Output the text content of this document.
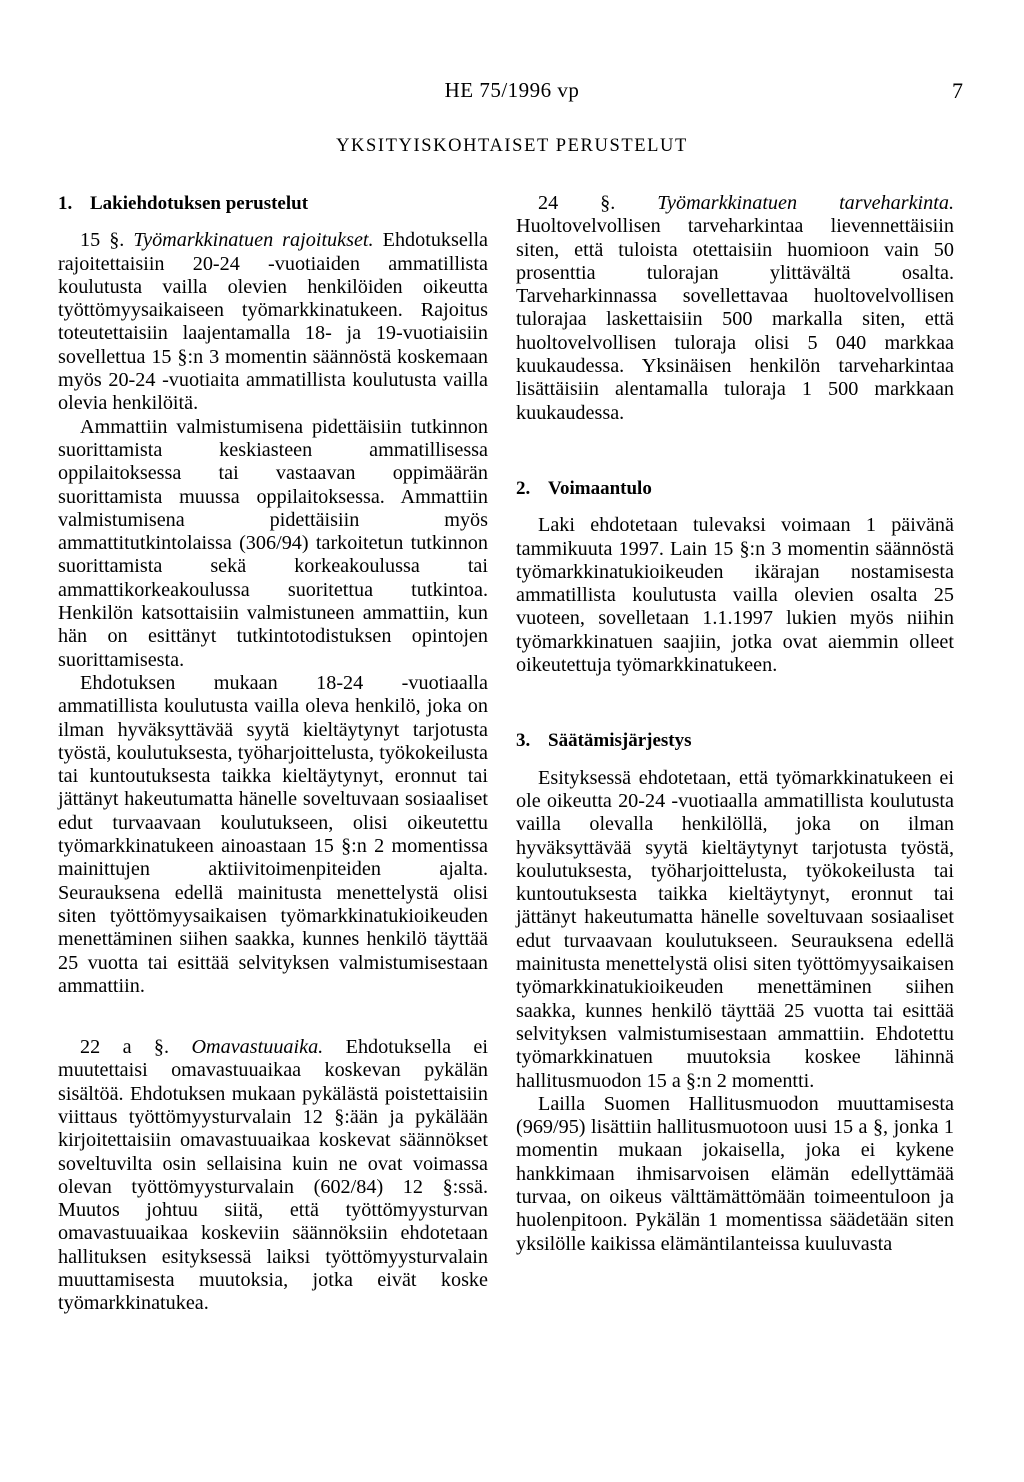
HE 75/1996 vp	7
YKSITYISKOHTAISET PERUSTELUT
1. Lakiehdotuksen perustelut

15 §. Työmarkkinatuen rajoitukset. Ehdotuksella rajoitettaisiin 20-24 -vuotiaiden ammatillista koulutusta vailla olevien henkilöiden oikeutta työttömyysaikaiseen työmarkkinatukeen. Rajoitus toteutettaisiin laajentamalla 18- ja 19-vuotiaisiin sovellettua 15 §:n 3 momentin säännöstä koskemaan myös 20-24 -vuotiaita ammatillista koulutusta vailla olevia henkilöitä.

Ammattiin valmistumisena pidettäisiin tutkinnon suorittamista keskiasteen ammatillisessa oppilaitoksessa tai vastaavan oppimäärän suorittamista muussa oppilaitoksessa. Ammattiin valmistumisena pidettäisiin myös ammattitutkintolaissa (306/94) tarkoitetun tutkinnon suorittamista sekä korkeakoulussa tai ammattikorkeakoulussa suoritettua tutkintoa. Henkilön katsottaisiin valmistuneen ammattiin, kun hän on esittänyt tutkintotodistuksen opintojen suorittamisesta.

Ehdotuksen mukaan 18-24 -vuotiaalla ammatillista koulutusta vailla oleva henkilö, joka on ilman hyväksyttävää syytä kieltäytynyt tarjotusta työstä, koulutuksesta, työharjoittelusta, työkokeilusta tai kuntoutuksesta taikka kieltäytynyt, eronnut tai jättänyt hakeutumatta hänelle soveltuvaan sosiaaliset edut turvaavaan koulutukseen, olisi oikeutettu työmarkkinatukeen ainoastaan 15 §:n 2 momentissa mainittujen aktiivitoimenpiteiden ajalta. Seurauksena edellä mainitusta menettelystä olisi siten työttömyysaikaisen työmarkkinatukioikeuden menettäminen siihen saakka, kunnes henkilö täyttää 25 vuotta tai esittää selvityksen valmistumisestaan ammattiin.

22 a §. Omavastuuaika. Ehdotuksella ei muutettaisi omavastuuaikaa koskevan pykälän sisältöä. Ehdotuksen mukaan pykälästä poistettaisiin viittaus työttömyysturvalain 12 §:ään ja pykälään kirjoitettaisiin omavastuuaikaa koskevat säännökset soveltuvilta osin sellaisina kuin ne ovat voimassa olevan työttömyysturvalain (602/84) 12 §:ssä. Muutos johtuu siitä, että työttömyysturvan omavastuuaikaa koskeviin säännöksiin ehdotetaan hallituksen esityksessä laiksi työttömyysturvalain muuttamisesta muutoksia, jotka eivät koske työmarkkinatukea.

24 §. Työmarkkinatuen tarveharkinta. Huoltovelvollisen tarveharkintaa lievennettäisiin siten, että tuloista otettaisiin huomioon vain 50 prosenttia tulorajan ylittävältä osalta. Tarveharkinnassa sovellettavaa huoltovelvollisen tulorajaa laskettaisiin 500 markalla siten, että huoltovelvollisen tuloraja olisi 5 040 markkaa kuukaudessa. Yksinäisen henkilön tarveharkintaa lisättäisiin alentamalla tuloraja 1 500 markkaan kuukaudessa.

2. Voimaantulo

Laki ehdotetaan tulevaksi voimaan 1 päivänä tammikuuta 1997. Lain 15 §:n 3 momentin säännöstä työmarkkinatukioikeuden ikärajan nostamisesta ammatillista koulutusta vailla olevien osalta 25 vuoteen, sovelletaan 1.1.1997 lukien myös niihin työmarkkinatuen saajiin, jotka ovat aiemmin olleet oikeutettuja työmarkkinatukeen.

3. Säätämisjärjestys

Esityksessä ehdotetaan, että työmarkkinatukeen ei ole oikeutta 20-24 -vuotiaalla ammatillista koulutusta vailla olevalla henkilöllä, joka on ilman hyväksyttävää syytä kieltäytynyt tarjotusta työstä, koulutuksesta, työharjoittelusta, työkokeilusta tai kuntoutuksesta taikka kieltäytynyt, eronnut tai jättänyt hakeutumatta hänelle soveltuvaan sosiaaliset edut turvaavaan koulutukseen. Seurauksena edellä mainitusta menettelystä olisi siten työttömyysaikaisen työmarkkinatukioikeuden menettäminen siihen saakka, kunnes henkilö täyttää 25 vuotta tai esittää selvityksen valmistumisestaan ammattiin. Ehdotettu työmarkkinatuen muutoksia koskee lähinnä hallitusmuodon 15 a §:n 2 momentti.

Lailla Suomen Hallitusmuodon muuttamisesta (969/95) lisättiin hallitusmuotoon uusi 15 a §, jonka 1 momentin mukaan jokaisella, joka ei kykene hankkimaan ihmisarvoisen elämän edellyttämää turvaa, on oikeus välttämättömään toimeentuloon ja huolenpitoon. Pykälän 1 momentissa säädetään siten yksilölle kaikissa elämäntilanteissa kuuluvasta
